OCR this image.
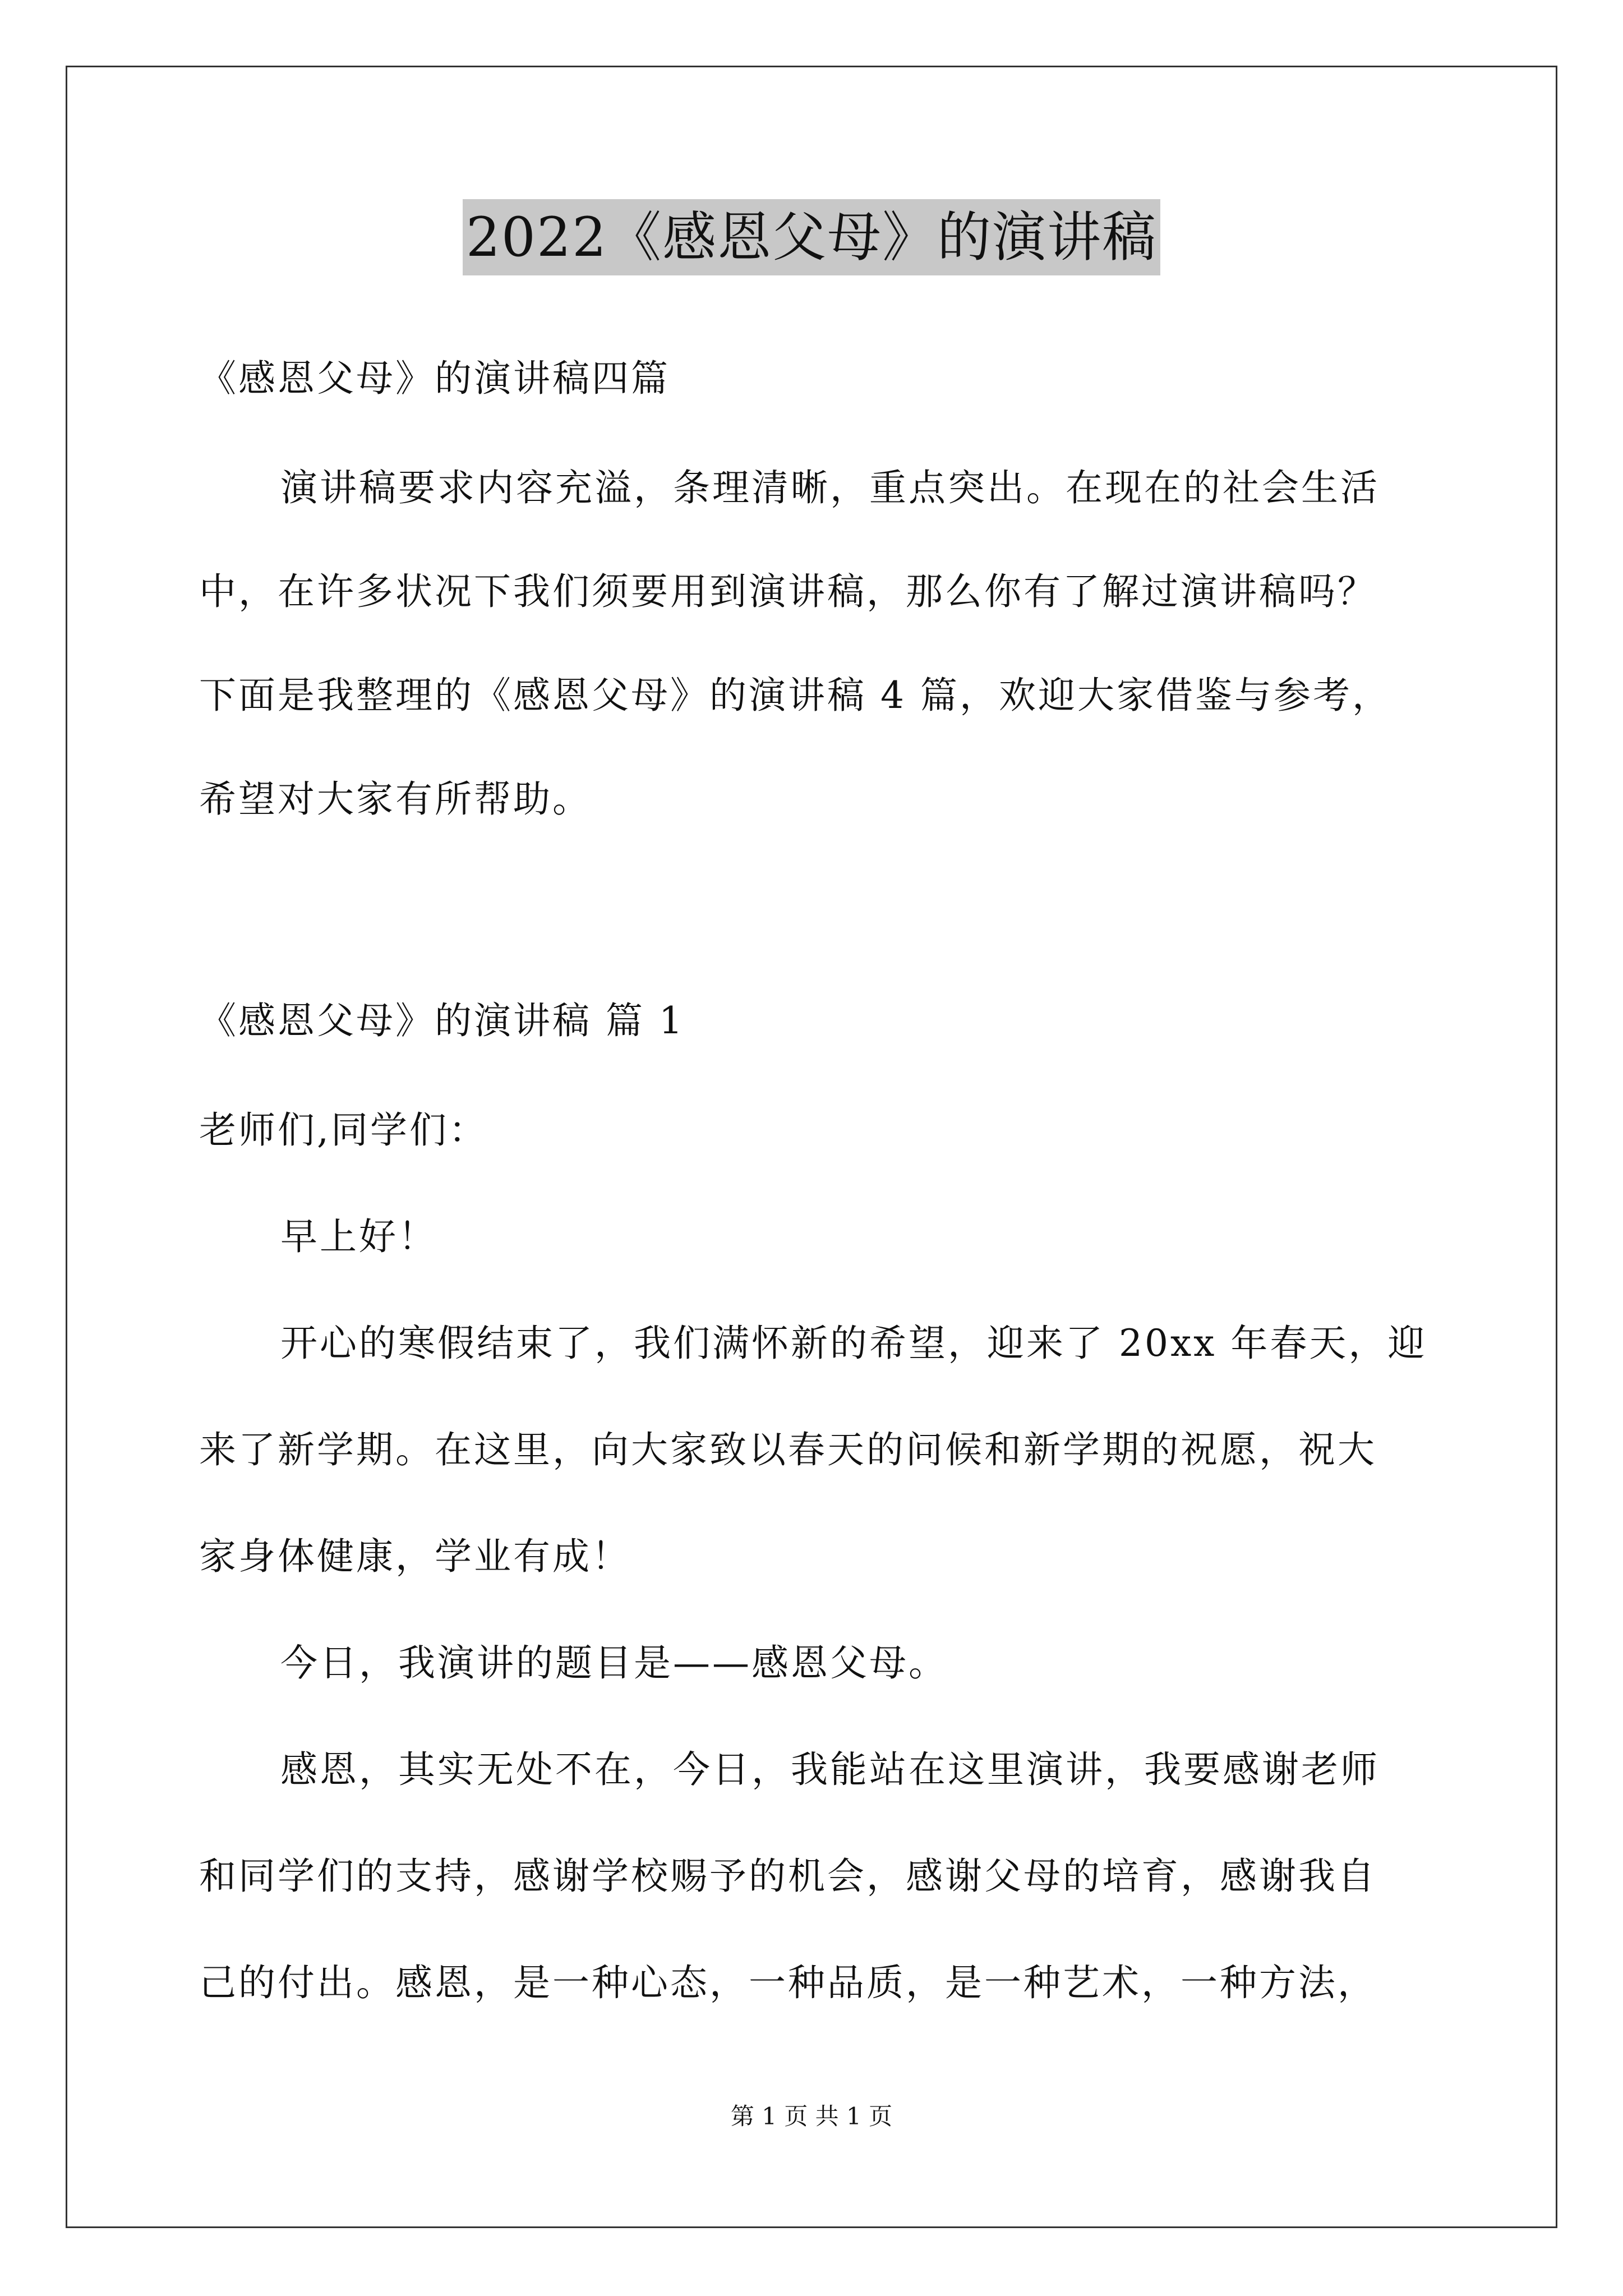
2022《感恩父母》的演讲稿
《感恩父母》的演讲稿四篇
演讲稿要求内容充溢，条理清晰，重点突出。在现在的社会生活
中，在许多状况下我们须要用到演讲稿，那么你有了解过演讲稿吗？
下面是我整理的《感恩父母》的演讲稿 4 篇，欢迎大家借鉴与参考，
希望对大家有所帮助。
《感恩父母》的演讲稿 篇 1
老师们,同学们：
早上好！
开心的寒假结束了，我们满怀新的希望，迎来了 20xx 年春天，迎
来了新学期。在这里，向大家致以春天的问候和新学期的祝愿，祝大
家身体健康，学业有成！
今日，我演讲的题目是——感恩父母。
感恩，其实无处不在，今日，我能站在这里演讲，我要感谢老师
和同学们的支持，感谢学校赐予的机会，感谢父母的培育，感谢我自
己的付出。感恩，是一种心态，一种品质，是一种艺术，一种方法，
第 1 页 共 1 页
